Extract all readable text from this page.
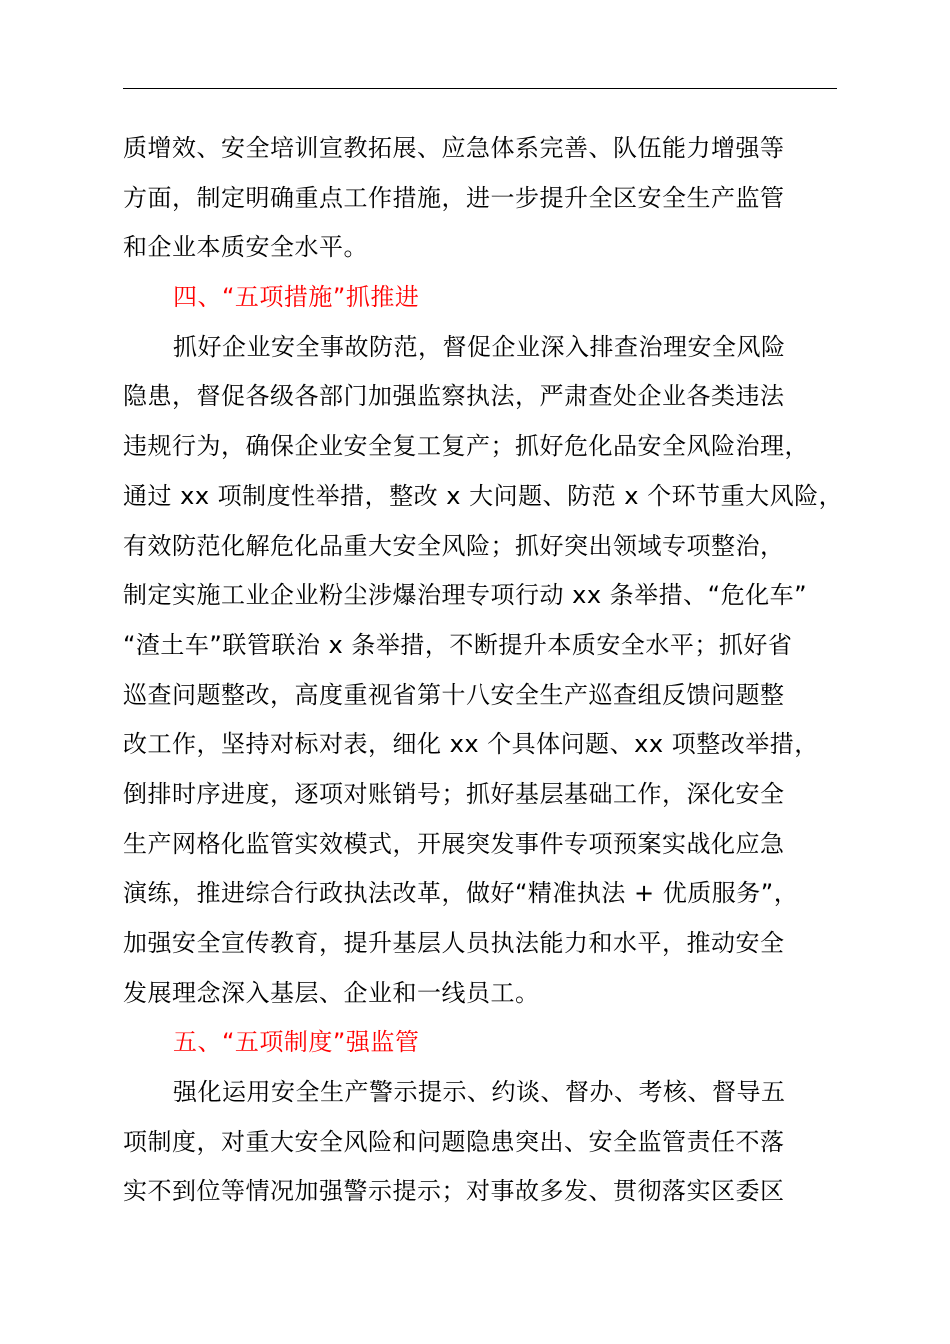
质增效、安全培训宣教拓展、应急体系完善、队伍能力增强等
方面，制定明确重点工作措施，进一步提升全区安全生产监管
和企业本质安全水平。
四、“五项措施”抓推进
抓好企业安全事故防范，督促企业深入排查治理安全风险
隐患，督促各级各部门加强监察执法，严肃查处企业各类违法
违规行为，确保企业安全复工复产；抓好危化品安全风险治理，
通过 xx 项制度性举措，整改 x 大问题、防范 x 个环节重大风险，
有效防范化解危化品重大安全风险；抓好突出领域专项整治，
制定实施工业企业粉尘涉爆治理专项行动 xx 条举措、“危化车”
“渣土车”联管联治 x 条举措，不断提升本质安全水平；抓好省
巡查问题整改，高度重视省第十八安全生产巡查组反馈问题整
改工作，坚持对标对表，细化 xx 个具体问题、xx 项整改举措，
倒排时序进度，逐项对账销号；抓好基层基础工作，深化安全
生产网格化监管实效模式，开展突发事件专项预案实战化应急
演练，推进综合行政执法改革，做好“精准执法 + 优质服务”，
加强安全宣传教育，提升基层人员执法能力和水平，推动安全
发展理念深入基层、企业和一线员工。
五、“五项制度”强监管
强化运用安全生产警示提示、约谈、督办、考核、督导五
项制度，对重大安全风险和问题隐患突出、安全监管责任不落
实不到位等情况加强警示提示；对事故多发、贯彻落实区委区
